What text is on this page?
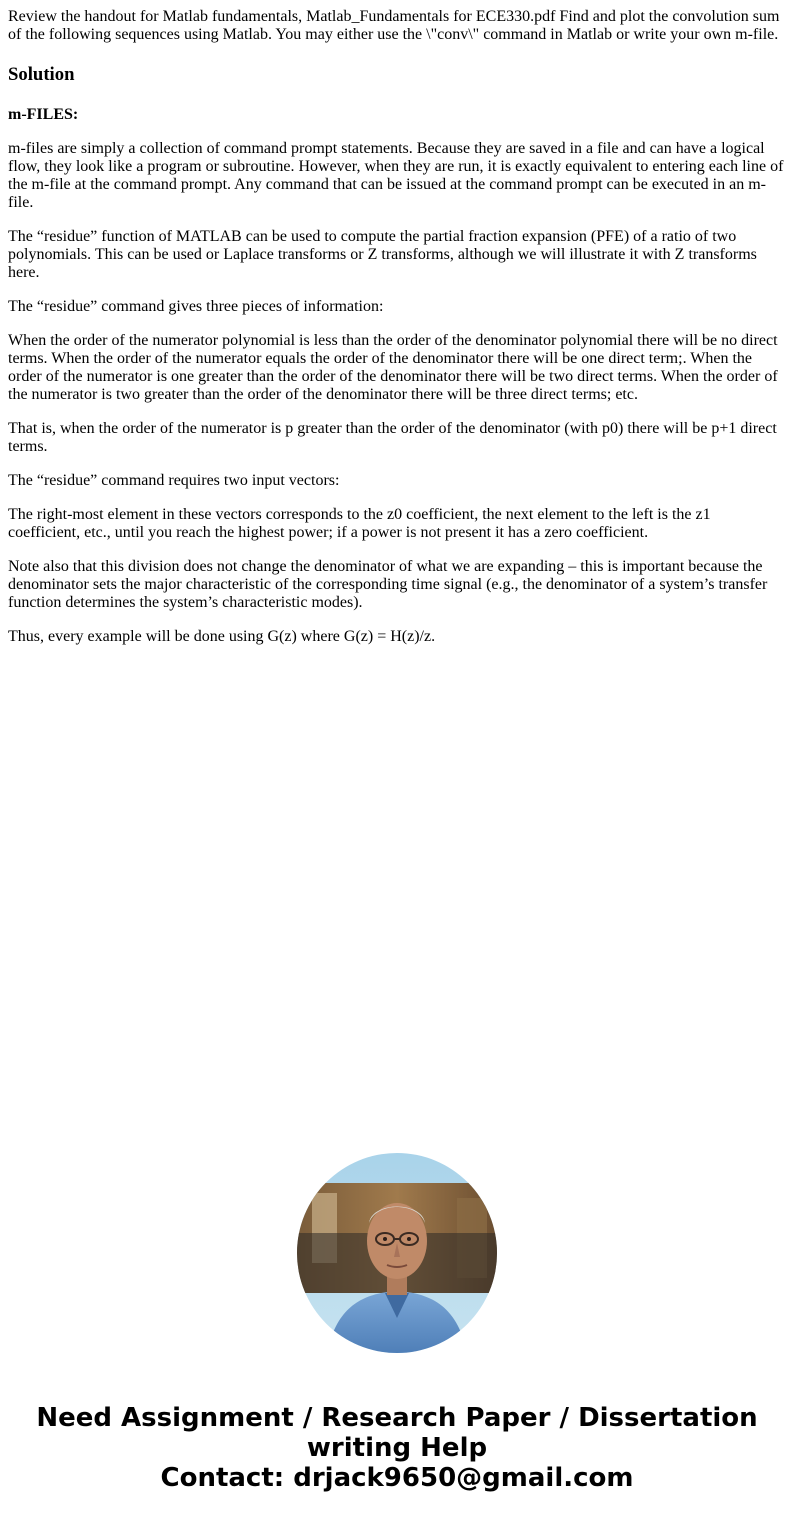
Review the handout for Matlab fundamentals, Matlab_Fundamentals for ECE330.pdf Find and plot the convolution sum of the following sequences using Matlab. You may either use the \"conv\" command in Matlab or write your own m-file.

Solution
m-FILES:

m-files are simply a collection of command prompt statements. Because they are saved in a file and can have a logical flow, they look like a program or subroutine. However, when they are run, it is exactly equivalent to entering each line of the m-file at the command prompt. Any command that can be issued at the command prompt can be executed in an m-file.

The “residue” function of MATLAB can be used to compute the partial fraction expansion (PFE) of a ratio of two polynomials. This can be used or Laplace transforms or Z transforms, although we will illustrate it with Z transforms here.

The “residue” command gives three pieces of information:

When the order of the numerator polynomial is less than the order of the denominator polynomial there will be no direct terms. When the order of the numerator equals the order of the denominator there will be one direct term;. When the order of the numerator is one greater than the order of the denominator there will be two direct terms. When the order of the numerator is two greater than the order of the denominator there will be three direct terms; etc.

That is, when the order of the numerator is p greater than the order of the denominator (with p0) there will be p+1 direct terms.

The “residue” command requires two input vectors:

The right-most element in these vectors corresponds to the z0 coefficient, the next element to the left is the z1 coefficient, etc., until you reach the highest power; if a power is not present it has a zero coefficient.

Note also that this division does not change the denominator of what we are expanding – this is important because the denominator sets the major characteristic of the corresponding time signal (e.g., the denominator of a system’s transfer function determines the system’s characteristic modes).

Thus, every example will be done using G(z) where G(z) = H(z)/z.

Need Assignment / Research Paper / Dissertation
writing Help
Contact: drjack9650@gmail.com
